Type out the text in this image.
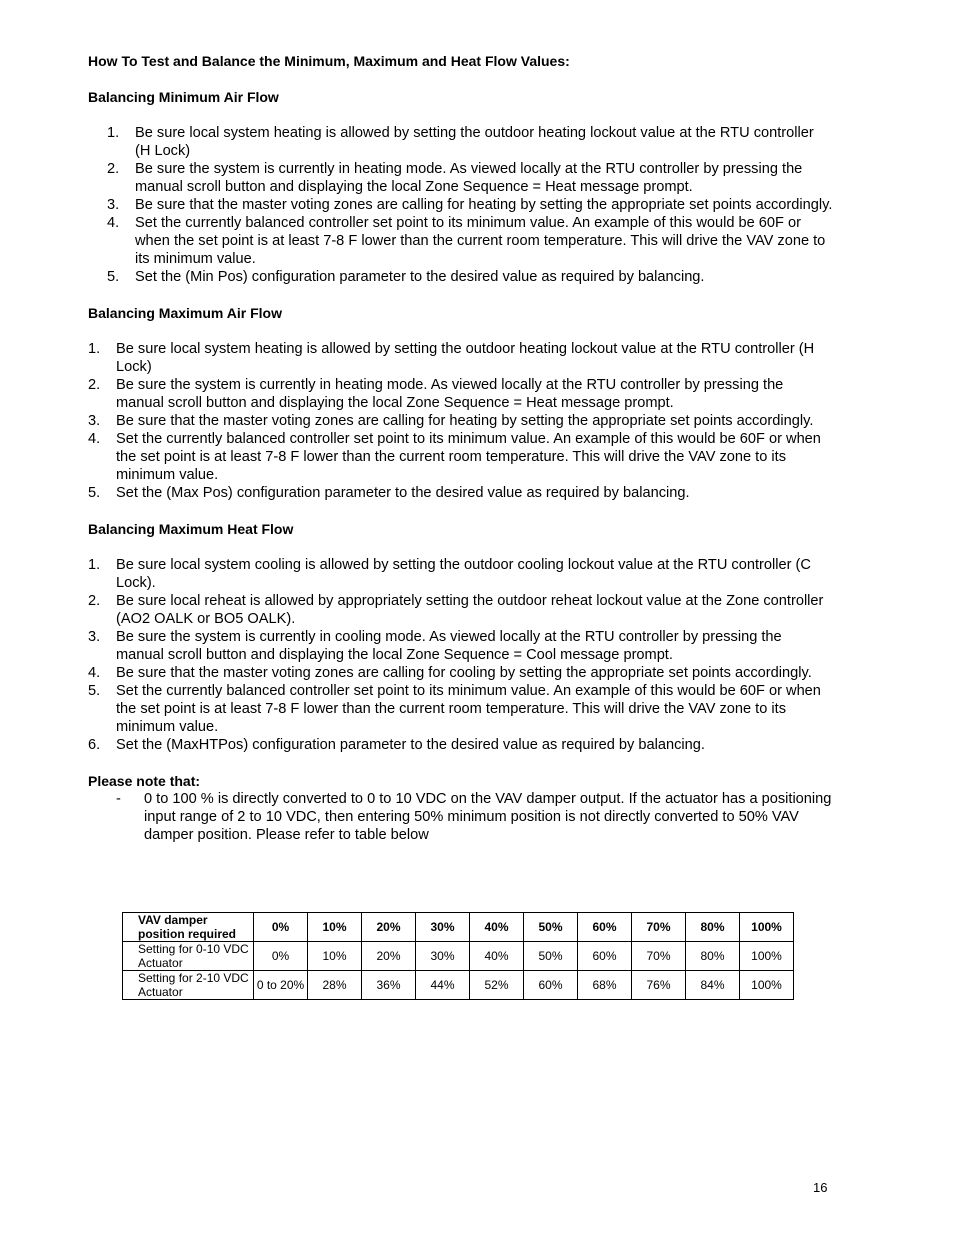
How To Test and Balance the Minimum, Maximum and Heat Flow Values:

Balancing Minimum Air Flow

1. Be sure local system heating is allowed by setting the outdoor heating lockout value at the RTU controller (H Lock)
2. Be sure the system is currently in heating mode. As viewed locally at the RTU controller by pressing the manual scroll button and displaying the local Zone Sequence = Heat message prompt.
3. Be sure that the master voting zones are calling for heating by setting the appropriate set points accordingly.
4. Set the currently balanced controller set point to its minimum value. An example of this would be 60F or when the set point is at least 7-8 F lower than the current room temperature. This will drive the VAV zone to its minimum value.
5. Set the (Min Pos) configuration parameter to the desired value as required by balancing.

Balancing Maximum Air Flow

1. Be sure local system heating is allowed by setting the outdoor heating lockout value at the RTU controller (H Lock)
2. Be sure the system is currently in heating mode. As viewed locally at the RTU controller by pressing the manual scroll button and displaying the local Zone Sequence = Heat message prompt.
3. Be sure that the master voting zones are calling for heating by setting the appropriate set points accordingly.
4. Set the currently balanced controller set point to its minimum value. An example of this would be 60F or when the set point is at least 7-8 F lower than the current room temperature. This will drive the VAV zone to its minimum value.
5. Set the (Max Pos) configuration parameter to the desired value as required by balancing.

Balancing Maximum Heat Flow

1. Be sure local system cooling is allowed by setting the outdoor cooling lockout value at the RTU controller (C Lock).
2. Be sure local reheat is allowed by appropriately setting the outdoor reheat lockout value at the Zone controller (AO2 OALK or BO5 OALK).
3. Be sure the system is currently in cooling mode. As viewed locally at the RTU controller by pressing the manual scroll button and displaying the local Zone Sequence = Cool message prompt.
4. Be sure that the master voting zones are calling for cooling by setting the appropriate set points accordingly.
5. Set the currently balanced controller set point to its minimum value. An example of this would be 60F or when the set point is at least 7-8 F lower than the current room temperature. This will drive the VAV zone to its minimum value.
6. Set the (MaxHTPos) configuration parameter to the desired value as required by balancing.

Please note that:

- 0 to 100 % is directly converted to 0 to 10 VDC on the VAV damper output. If the actuator has a positioning input range of 2 to 10 VDC, then entering 50% minimum position is not directly converted to 50% VAV damper position. Please refer to table below
VAV damper position required	0%	10%	20%	30%	40%	50%	60%	70%	80%	100%
Setting for 0-10 VDC Actuator	0%	10%	20%	30%	40%	50%	60%	70%	80%	100%
Setting for 2-10 VDC Actuator	0 to 20%	28%	36%	44%	52%	60%	68%	76%	84%	100%
16
